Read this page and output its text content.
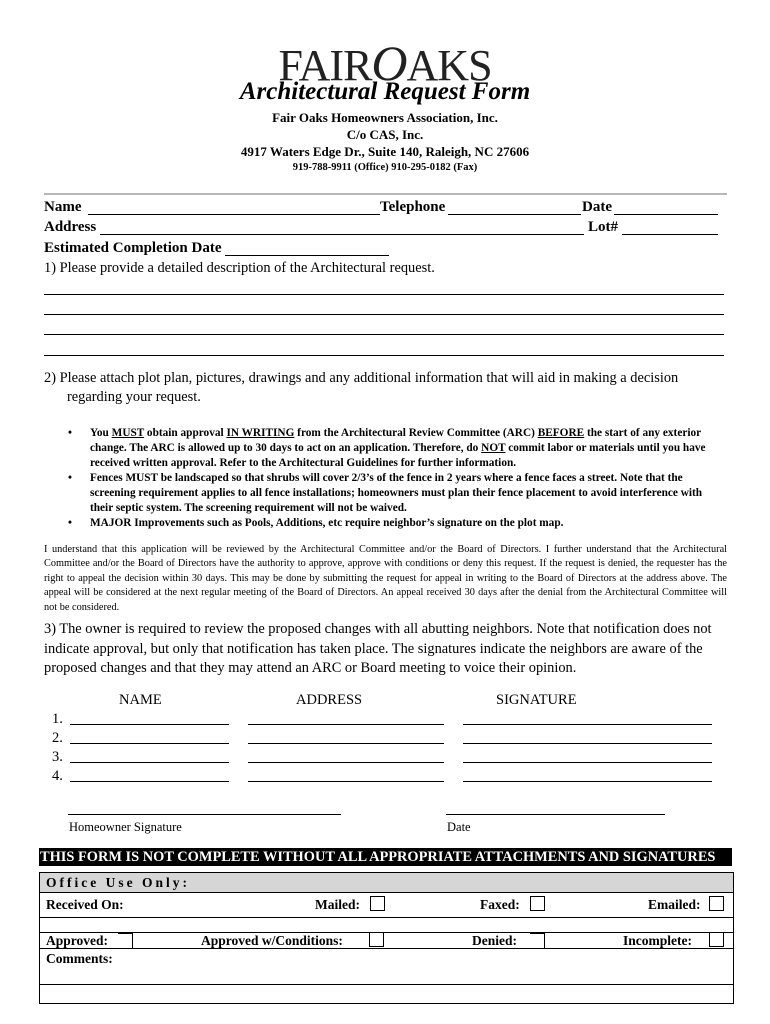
FAIROAKS
Architectural Request Form
Fair Oaks Homeowners Association, Inc.
C/o CAS, Inc.
4917 Waters Edge Dr., Suite 140, Raleigh, NC 27606
919-788-9911 (Office) 910-295-0182 (Fax)
Name	Telephone	Date
Address	Lot#
Estimated Completion Date
1) Please provide a detailed description of the Architectural request.
2) Please attach plot plan, pictures, drawings and any additional information that will aid in making a decision
regarding your request.
• You MUST obtain approval IN WRITING from the Architectural Review Committee (ARC) BEFORE the start of any exterior change. The ARC is allowed up to 30 days to act on an application. Therefore, do NOT commit labor or materials until you have received written approval. Refer to the Architectural Guidelines for further information.
• Fences MUST be landscaped so that shrubs will cover 2/3’s of the fence in 2 years where a fence faces a street. Note that the screening requirement applies to all fence installations; homeowners must plan their fence placement to avoid interference with their septic system. The screening requirement will not be waived.
• MAJOR Improvements such as Pools, Additions, etc require neighbor’s signature on the plot map.
I understand that this application will be reviewed by the Architectural Committee and/or the Board of Directors. I further understand that the Architectural Committee and/or the Board of Directors have the authority to approve, approve with conditions or deny this request. If the request is denied, the requester has the right to appeal the decision within 30 days. This may be done by submitting the request for appeal in writing to the Board of Directors at the address above. The appeal will be considered at the next regular meeting of the Board of Directors. An appeal received 30 days after the denial from the Architectural Committee will not be considered.
3) The owner is required to review the proposed changes with all abutting neighbors. Note that notification does not indicate approval, but only that notification has taken place. The signatures indicate the neighbors are aware of the proposed changes and that they may attend an ARC or Board meeting to voice their opinion.
NAME	ADDRESS	SIGNATURE
1.
2.
3.
4.
Homeowner Signature	Date
THIS FORM IS NOT COMPLETE WITHOUT ALL APPROPRIATE ATTACHMENTS AND SIGNATURES
Office Use Only:
Received On:	Mailed:	Faxed:	Emailed:
Approved:	Approved w/Conditions:	Denied:	Incomplete:
Comments:
